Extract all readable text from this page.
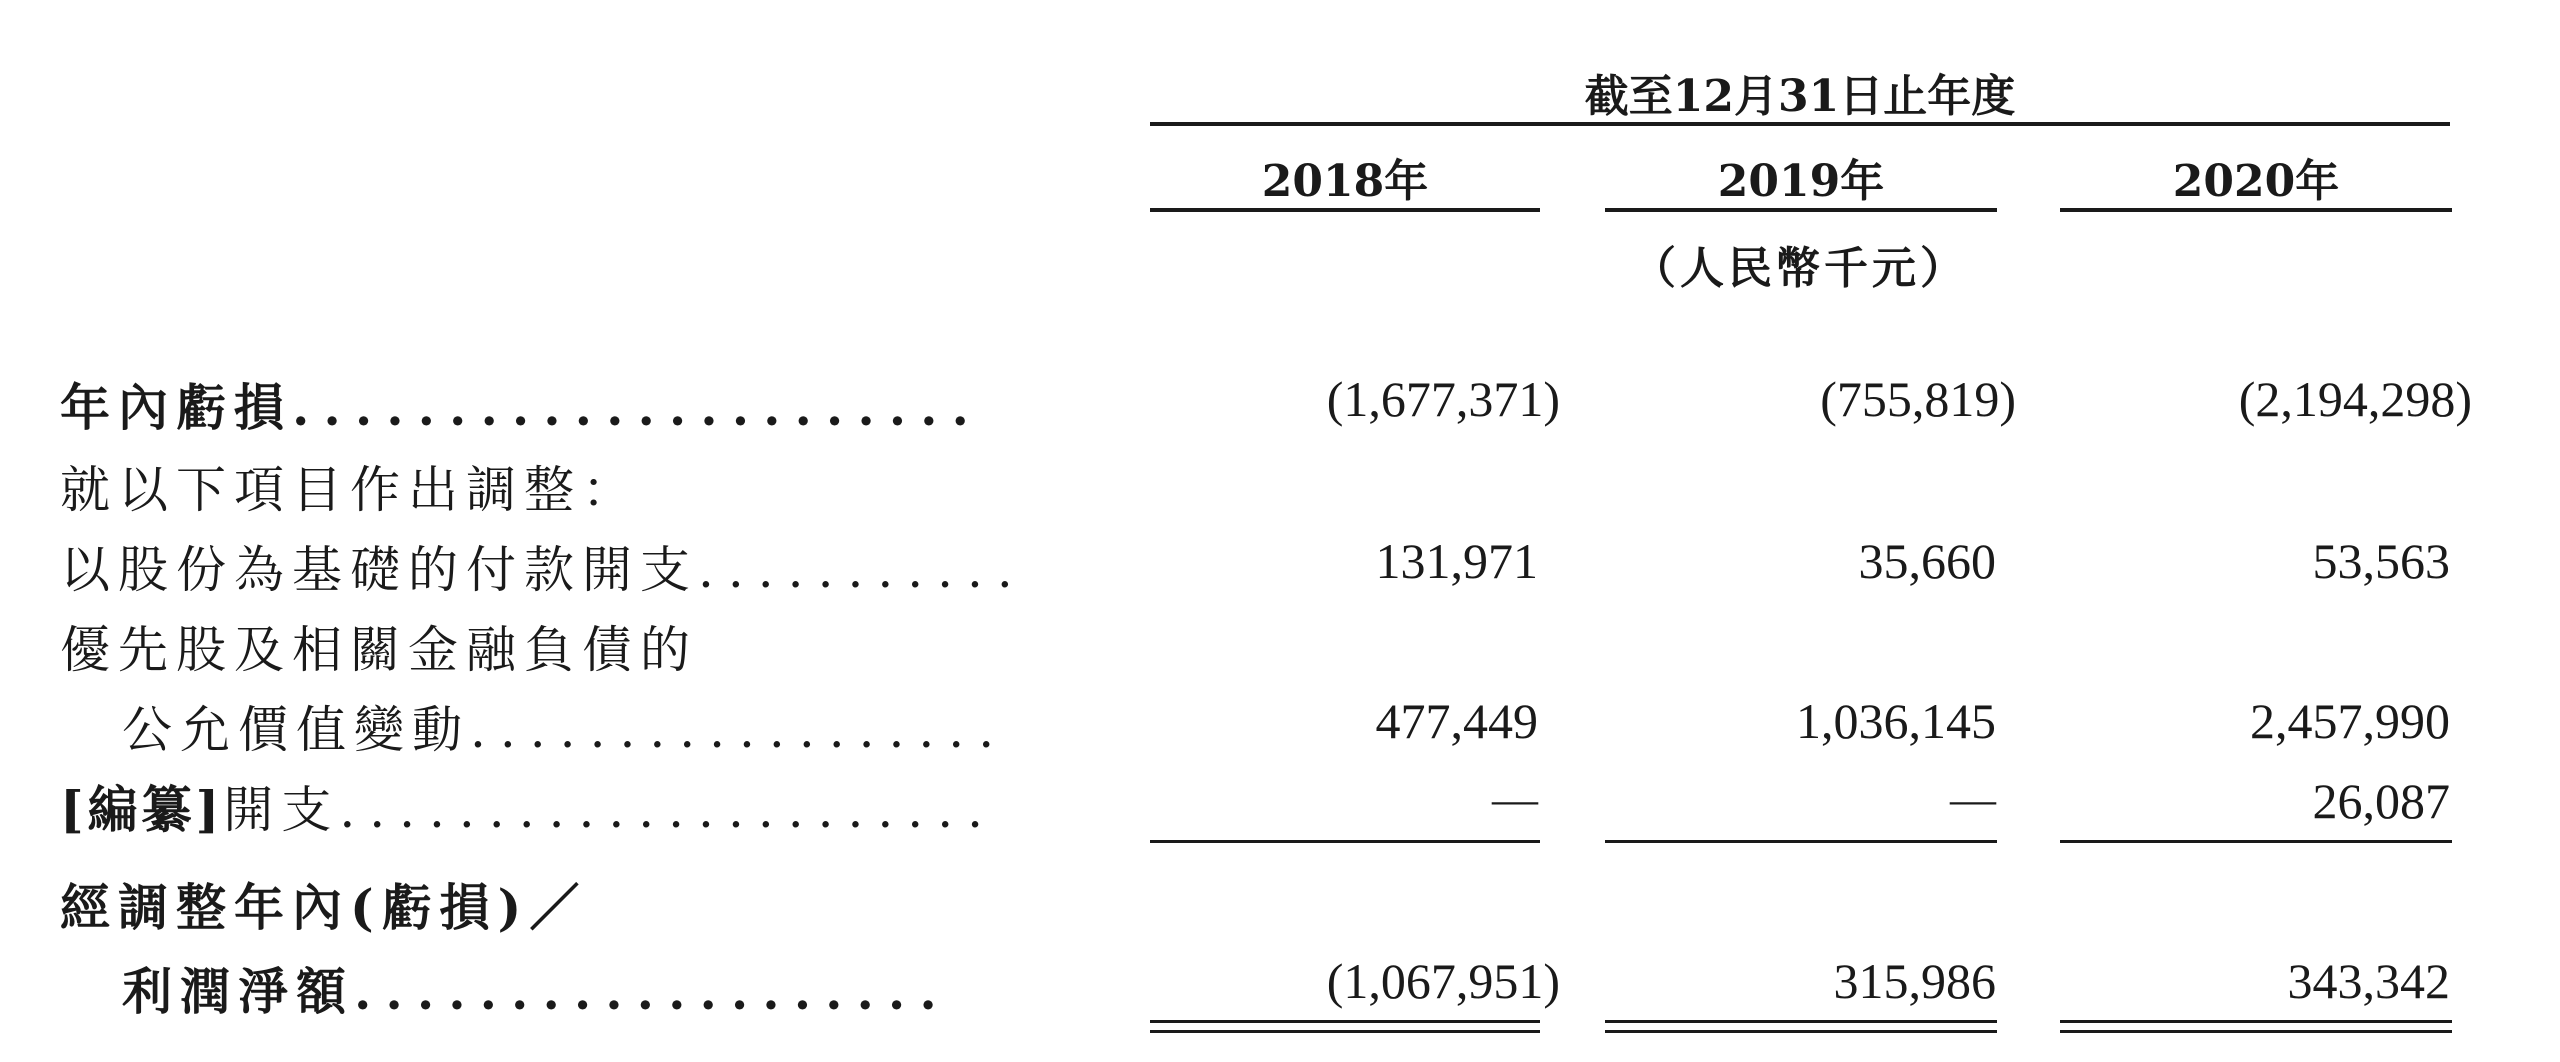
截至12月31日止年度
2018年	2019年	2020年
（人民幣千元）
年內虧損......................	(1,677,371)	(755,819)	(2,194,298)
就以下項目作出調整：
以股份為基礎的付款開支...........	131,971	35,660	53,563
優先股及相關金融負債的
公允價值變動..................	477,449	1,036,145	2,457,990
[編纂]開支......................	—	—	26,087
經調整年內(虧損)／
利潤淨額...................	(1,067,951)	315,986	343,342
